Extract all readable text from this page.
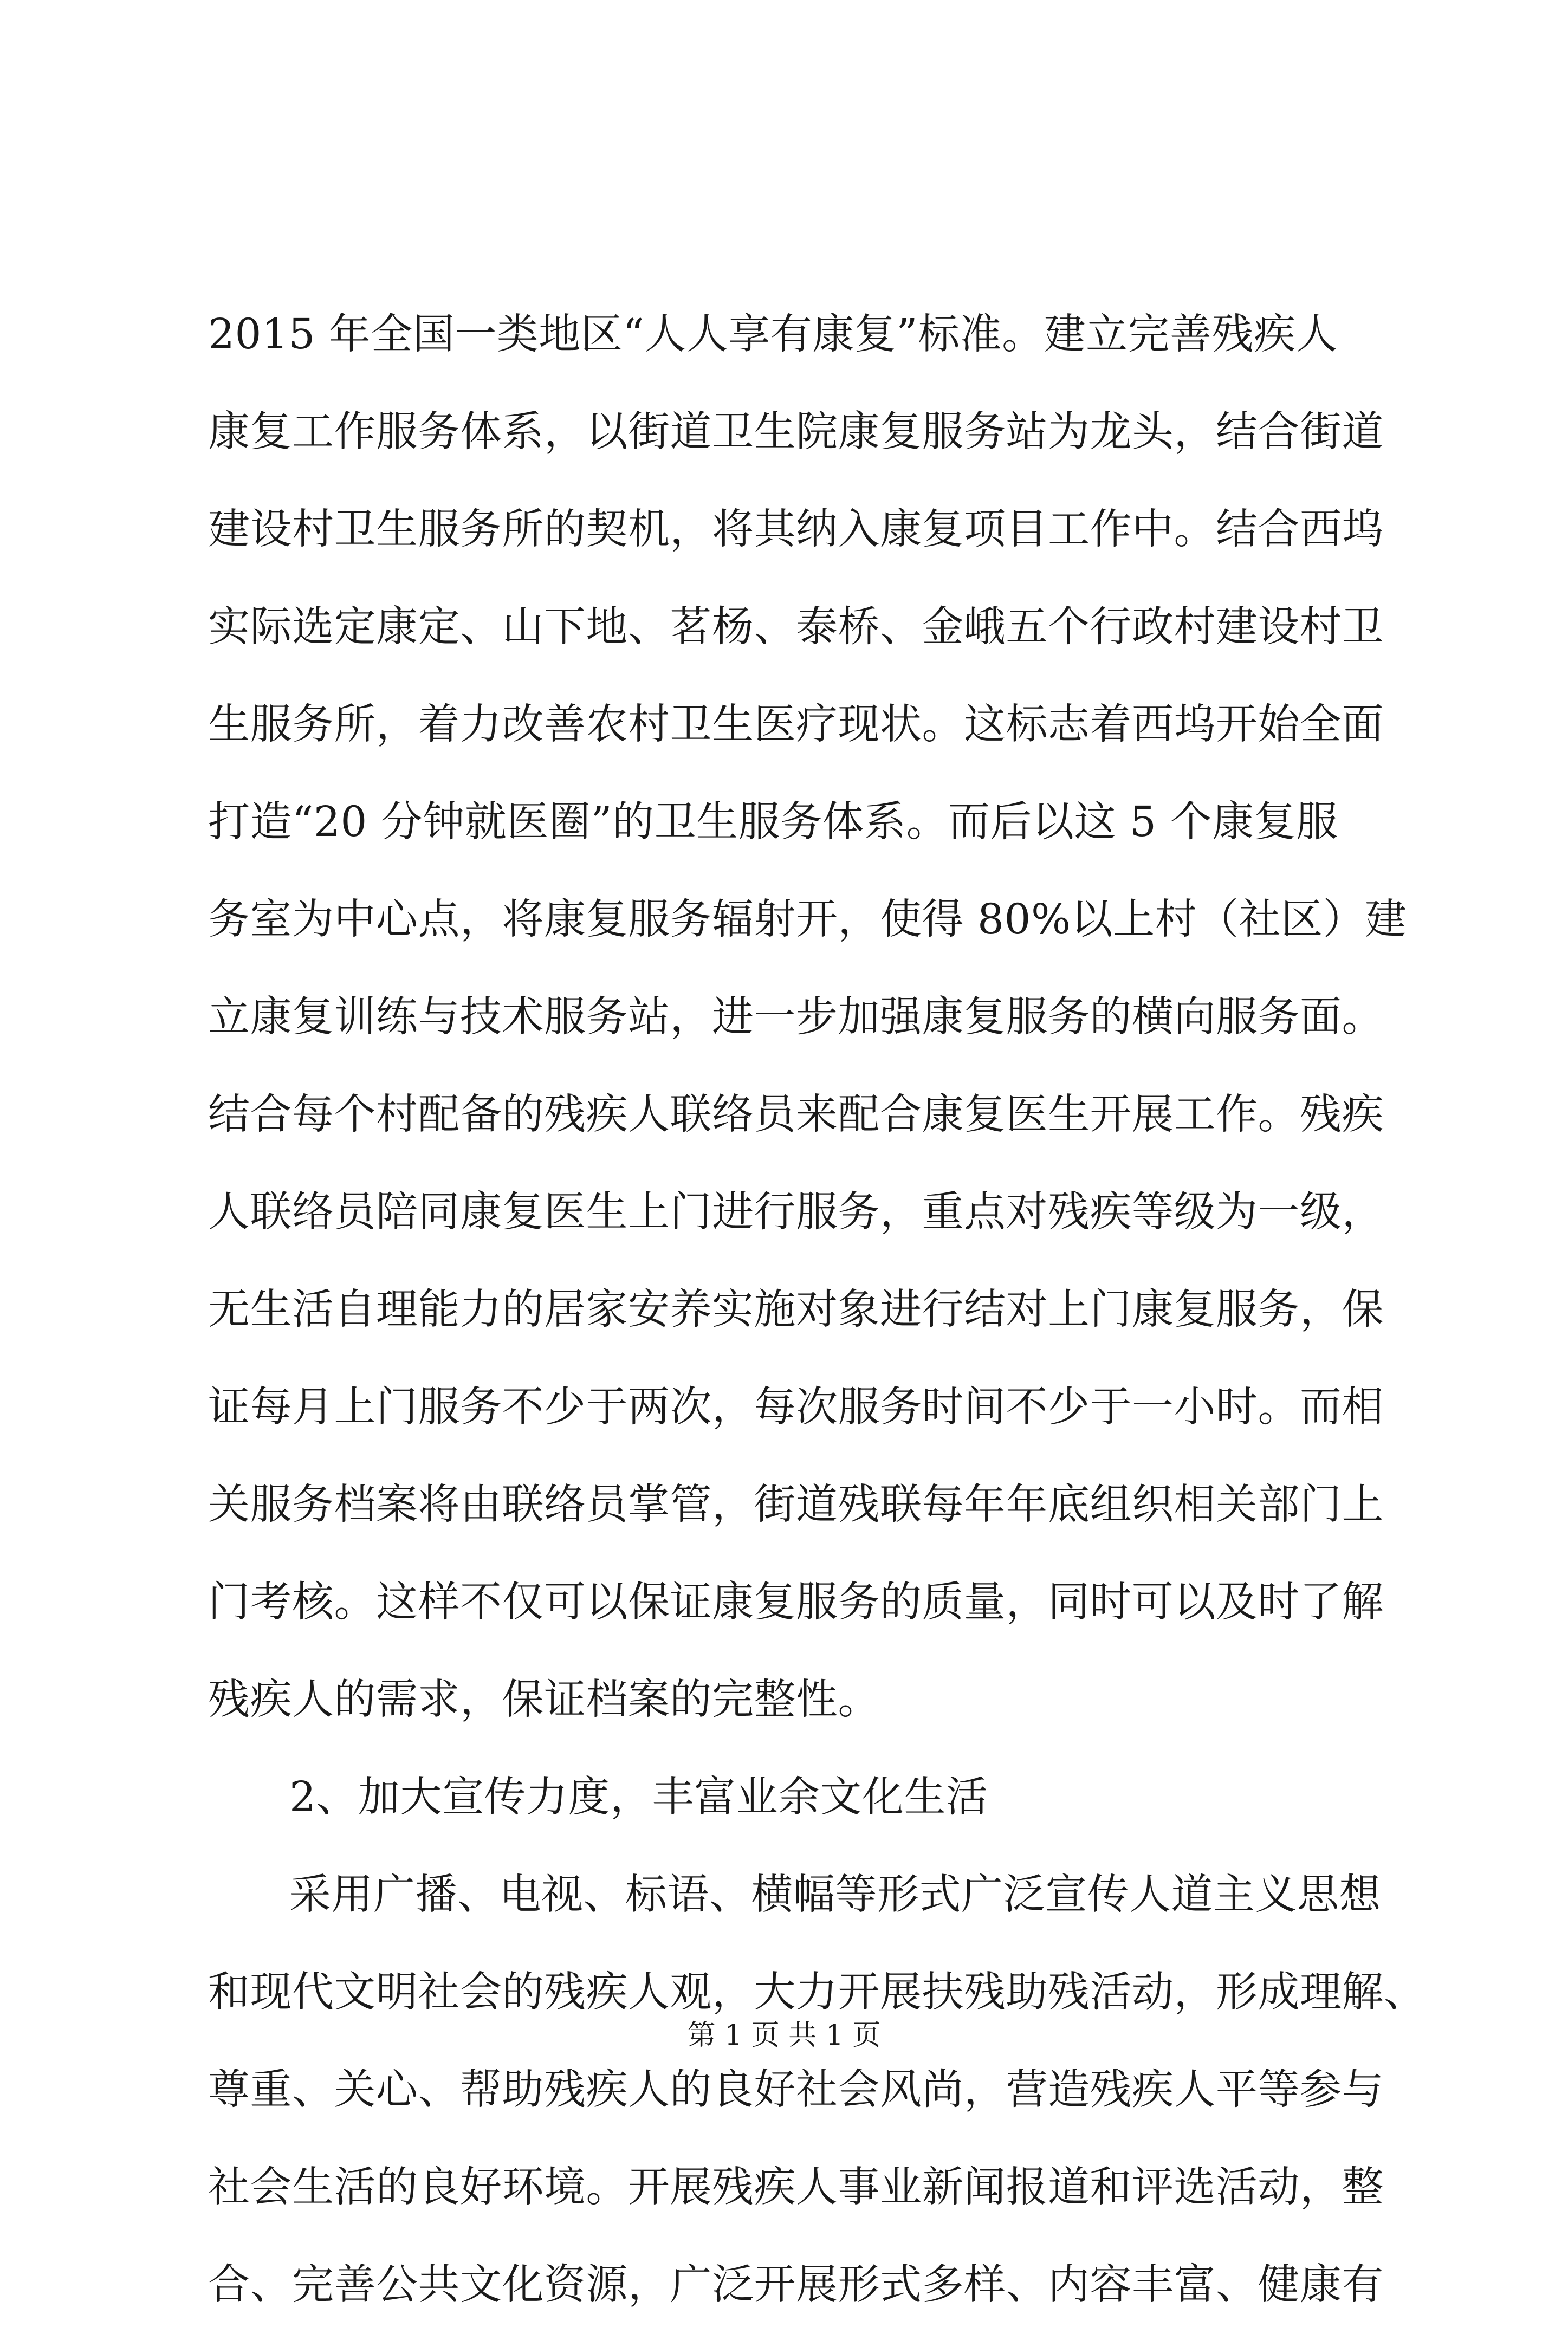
2015 年全国一类地区“人人享有康复”标准。建立完善残疾人
康复工作服务体系，以街道卫生院康复服务站为龙头，结合街道
建设村卫生服务所的契机，将其纳入康复项目工作中。结合西坞
实际选定康定、山下地、茗杨、泰桥、金峨五个行政村建设村卫
生服务所，着力改善农村卫生医疗现状。这标志着西坞开始全面
打造“20 分钟就医圈”的卫生服务体系。而后以这 5 个康复服
务室为中心点，将康复服务辐射开，使得 80%以上村（社区）建
立康复训练与技术服务站，进一步加强康复服务的横向服务面。
结合每个村配备的残疾人联络员来配合康复医生开展工作。残疾
人联络员陪同康复医生上门进行服务，重点对残疾等级为一级，
无生活自理能力的居家安养实施对象进行结对上门康复服务，保
证每月上门服务不少于两次，每次服务时间不少于一小时。而相
关服务档案将由联络员掌管，街道残联每年年底组织相关部门上
门考核。这样不仅可以保证康复服务的质量，同时可以及时了解
残疾人的需求，保证档案的完整性。
2、加大宣传力度，丰富业余文化生活
采用广播、电视、标语、横幅等形式广泛宣传人道主义思想
和现代文明社会的残疾人观，大力开展扶残助残活动，形成理解、
尊重、关心、帮助残疾人的良好社会风尚，营造残疾人平等参与
社会生活的良好环境。开展残疾人事业新闻报道和评选活动，整
合、完善公共文化资源，广泛开展形式多样、内容丰富、健康有
第 1 页 共 1 页
